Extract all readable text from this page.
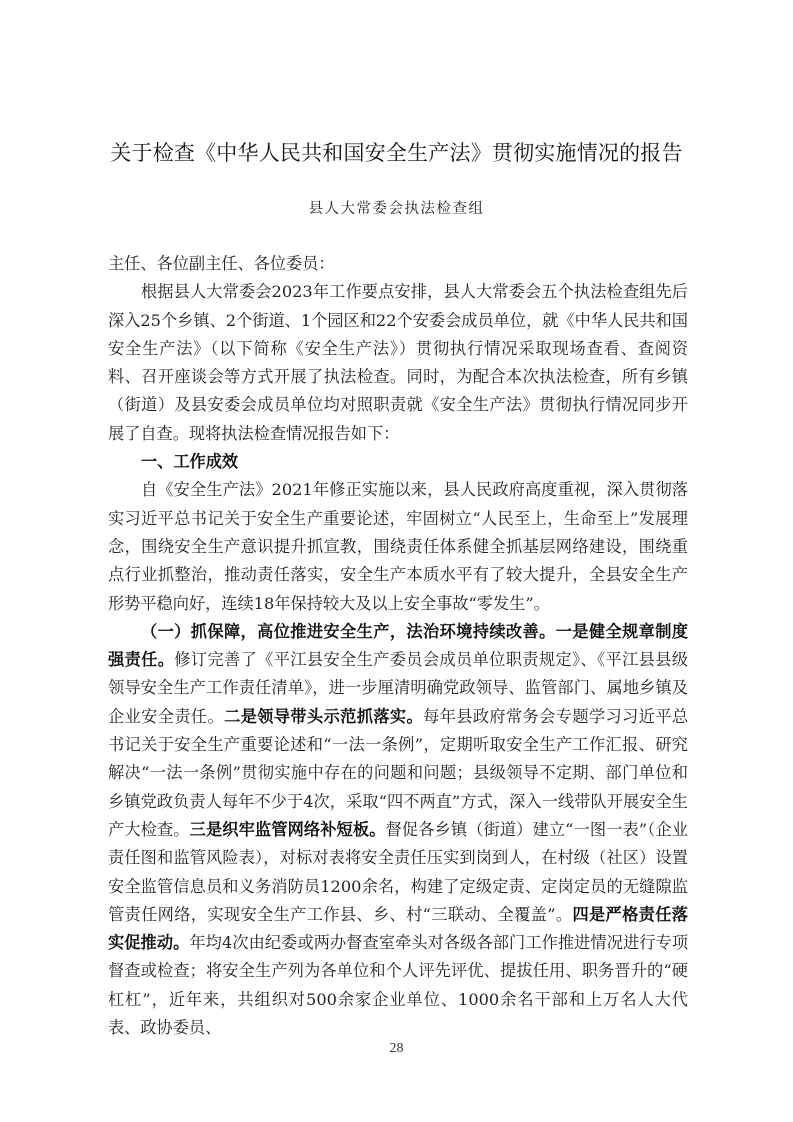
关于检查《中华人民共和国安全生产法》贯彻实施情况的报告
县人大常委会执法检查组

主任、各位副主任、各位委员：

根据县人大常委会2023年工作要点安排，县人大常委会五个执法检查组先后深入25个乡镇、2个街道、1个园区和22个安委会成员单位，就《中华人民共和国安全生产法》（以下简称《安全生产法》）贯彻执行情况采取现场查看、查阅资料、召开座谈会等方式开展了执法检查。同时，为配合本次执法检查，所有乡镇（街道）及县安委会成员单位均对照职责就《安全生产法》贯彻执行情况同步开展了自查。现将执法检查情况报告如下：

一、工作成效

自《安全生产法》2021年修正实施以来，县人民政府高度重视，深入贯彻落实习近平总书记关于安全生产重要论述，牢固树立“人民至上，生命至上”发展理念，围绕安全生产意识提升抓宣教，围绕责任体系健全抓基层网络建设，围绕重点行业抓整治，推动责任落实，安全生产本质水平有了较大提升，全县安全生产形势平稳向好，连续18年保持较大及以上安全事故“零发生”。

（一）抓保障，高位推进安全生产，法治环境持续改善。一是健全规章制度强责任。修订完善了《平江县安全生产委员会成员单位职责规定》、《平江县县级领导安全生产工作责任清单》，进一步厘清明确党政领导、监管部门、属地乡镇及企业安全责任。二是领导带头示范抓落实。每年县政府常务会专题学习习近平总书记关于安全生产重要论述和“一法一条例”，定期听取安全生产工作汇报、研究解决“一法一条例”贯彻实施中存在的问题和问题；县级领导不定期、部门单位和乡镇党政负责人每年不少于4次，采取“四不两直”方式，深入一线带队开展安全生产大检查。三是织牢监管网络补短板。督促各乡镇（街道）建立“一图一表”（企业责任图和监管风险表），对标对表将安全责任压实到岗到人，在村级（社区）设置安全监管信息员和义务消防员1200余名，构建了定级定责、定岗定员的无缝隙监管责任网络，实现安全生产工作县、乡、村“三联动、全覆盖”。四是严格责任落实促推动。年均4次由纪委或两办督查室牵头对各级各部门工作推进情况进行专项督查或检查；将安全生产列为各单位和个人评先评优、提拔任用、职务晋升的“硬杠杠”，近年来，共组织对500余家企业单位、1000余名干部和上万名人大代表、政协委员、

28
